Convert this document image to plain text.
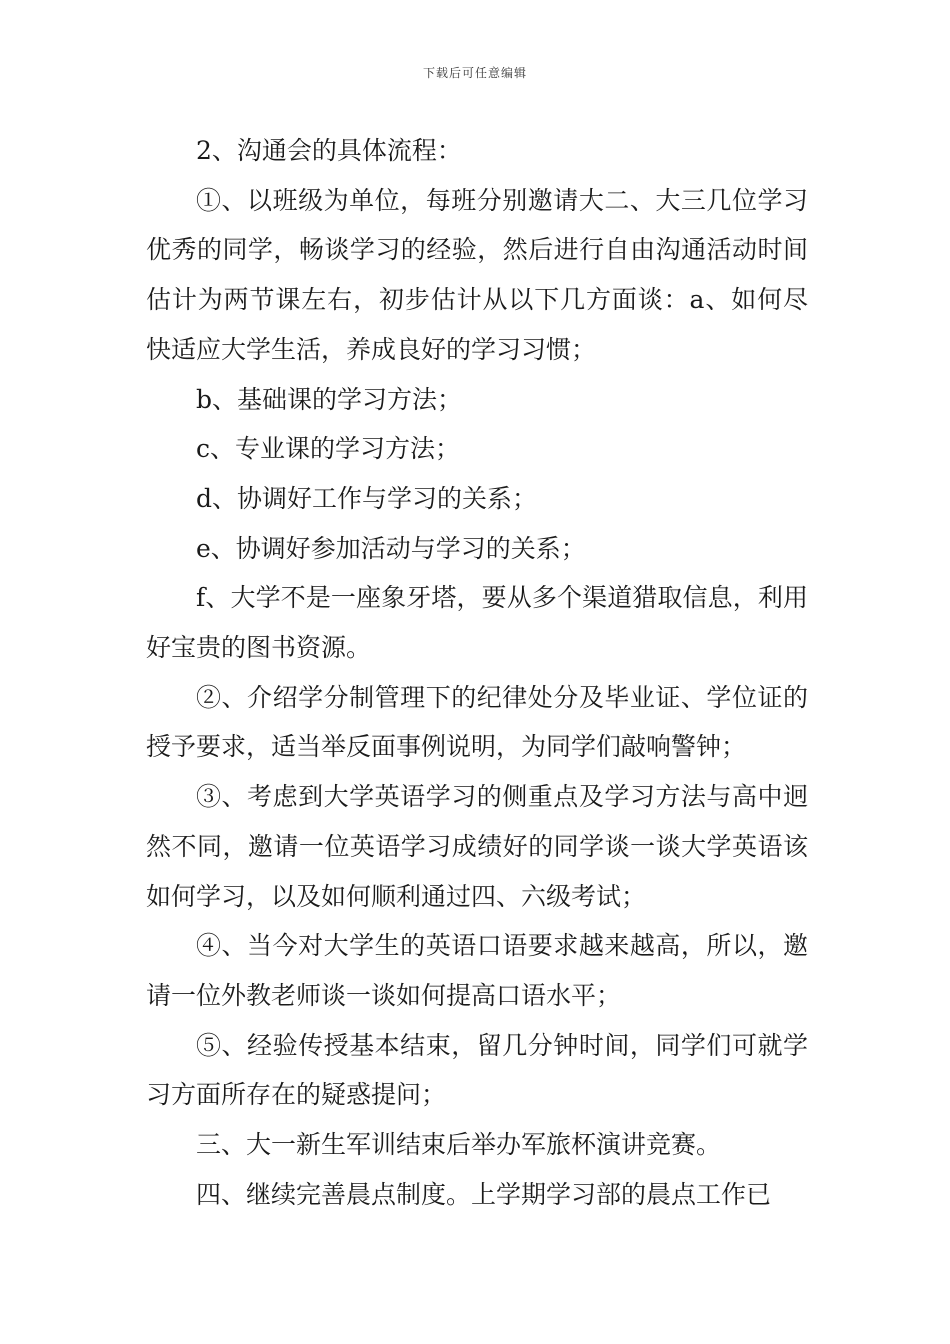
下载后可任意编辑

2、沟通会的具体流程：

①、以班级为单位，每班分别邀请大二、大三几位学习优秀的同学，畅谈学习的经验，然后进行自由沟通活动时间估计为两节课左右，初步估计从以下几方面谈：a、如何尽快适应大学生活，养成良好的学习习惯；

b、基础课的学习方法；

c、专业课的学习方法；

d、协调好工作与学习的关系；

e、协调好参加活动与学习的关系；

f、大学不是一座象牙塔，要从多个渠道猎取信息，利用好宝贵的图书资源。

②、介绍学分制管理下的纪律处分及毕业证、学位证的授予要求，适当举反面事例说明，为同学们敲响警钟；

③、考虑到大学英语学习的侧重点及学习方法与高中迥然不同，邀请一位英语学习成绩好的同学谈一谈大学英语该如何学习，以及如何顺利通过四、六级考试；

④、当今对大学生的英语口语要求越来越高，所以，邀请一位外教老师谈一谈如何提高口语水平；

⑤、经验传授基本结束，留几分钟时间，同学们可就学习方面所存在的疑惑提问；

三、大一新生军训结束后举办军旅杯演讲竞赛。

四、继续完善晨点制度。上学期学习部的晨点工作已
